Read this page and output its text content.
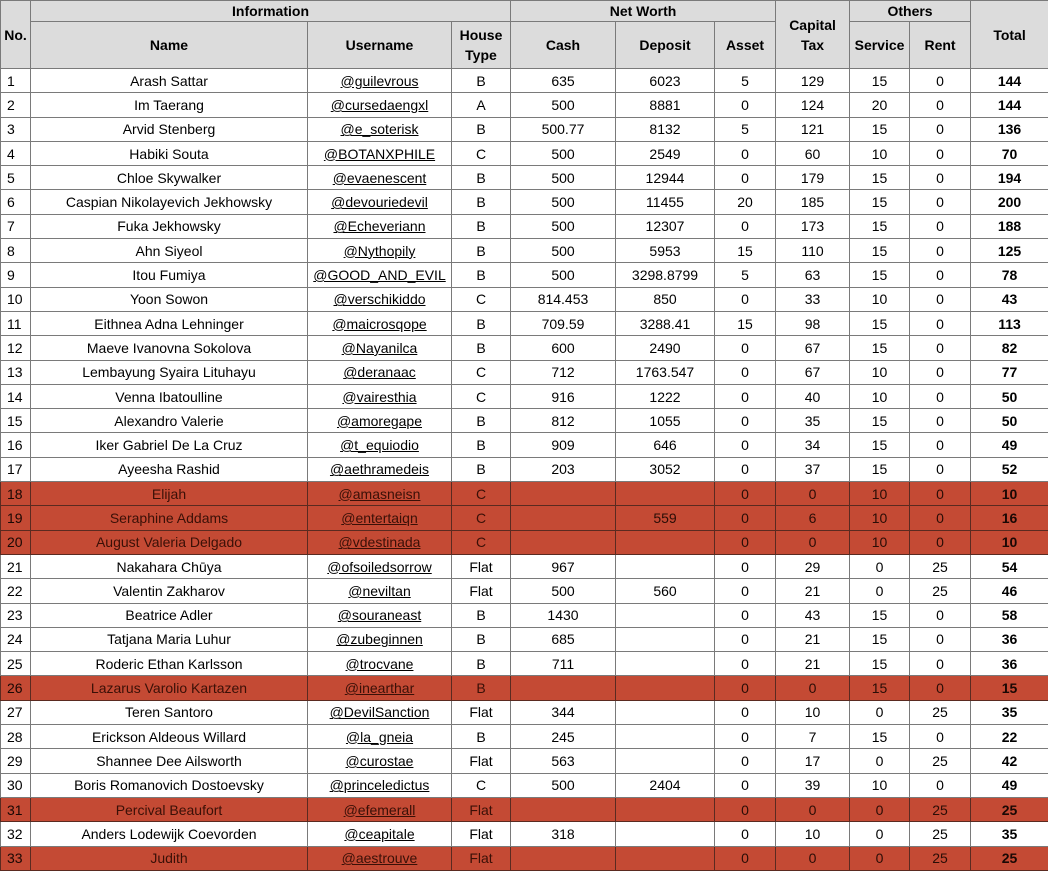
No.	Information			Net Worth			Capital Tax	Others		Total
	Name	Username	House Type	Cash	Deposit	Asset		Service	Rent	
1	Arash Sattar	@guilevrous	B	635	6023	5	129	15	0	144
2	Im Taerang	@cursedaengxl	A	500	8881	0	124	20	0	144
3	Arvid Stenberg	@e_soterisk	B	500.77	8132	5	121	15	0	136
4	Habiki Souta	@BOTANXPHILE	C	500	2549	0	60	10	0	70
5	Chloe Skywalker	@evaenescent	B	500	12944	0	179	15	0	194
6	Caspian Nikolayevich Jekhowsky	@devouriedevil	B	500	11455	20	185	15	0	200
7	Fuka Jekhowsky	@Echeveriann	B	500	12307	0	173	15	0	188
8	Ahn Siyeol	@Nythopily	B	500	5953	15	110	15	0	125
9	Itou Fumiya	@GOOD_AND_EVIL	B	500	3298.8799	5	63	15	0	78
10	Yoon Sowon	@verschikiddo	C	814.453	850	0	33	10	0	43
11	Eithnea Adna Lehninger	@maicrosqope	B	709.59	3288.41	15	98	15	0	113
12	Maeve Ivanovna Sokolova	@Nayanilca	B	600	2490	0	67	15	0	82
13	Lembayung Syaira Lituhayu	@deranaac	C	712	1763.547	0	67	10	0	77
14	Venna Ibatoulline	@vairesthia	C	916	1222	0	40	10	0	50
15	Alexandro Valerie	@amoregape	B	812	1055	0	35	15	0	50
16	Iker Gabriel De La Cruz	@t_equiodio	B	909	646	0	34	15	0	49
17	Ayeesha Rashid	@aethramedeis	B	203	3052	0	37	15	0	52
18	Elijah	@amasneisn	C			0	0	10	0	10
19	Seraphine Addams	@entertaiqn	C		559	0	6	10	0	16
20	August Valeria Delgado	@vdestinada	C			0	0	10	0	10
21	Nakahara Chūya	@ofsoiledsorrow	Flat	967		0	29	0	25	54
22	Valentin Zakharov	@neviltan	Flat	500	560	0	21	0	25	46
23	Beatrice Adler	@souraneast	B	1430		0	43	15	0	58
24	Tatjana Maria Luhur	@zubeginnen	B	685		0	21	15	0	36
25	Roderic Ethan Karlsson	@trocvane	B	711		0	21	15	0	36
26	Lazarus Varolio Kartazen	@inearthar	B			0	0	15	0	15
27	Teren Santoro	@DevilSanction	Flat	344		0	10	0	25	35
28	Erickson Aldeous Willard	@la_gneia	B	245		0	7	15	0	22
29	Shannee Dee Ailsworth	@curostae	Flat	563		0	17	0	25	42
30	Boris Romanovich Dostoevsky	@princeledictus	C	500	2404	0	39	10	0	49
31	Percival Beaufort	@efemerall	Flat			0	0	0	25	25
32	Anders Lodewijk Coevorden	@ceapitale	Flat	318		0	10	0	25	35
33	Judith	@aestrouve	Flat			0	0	0	25	25
